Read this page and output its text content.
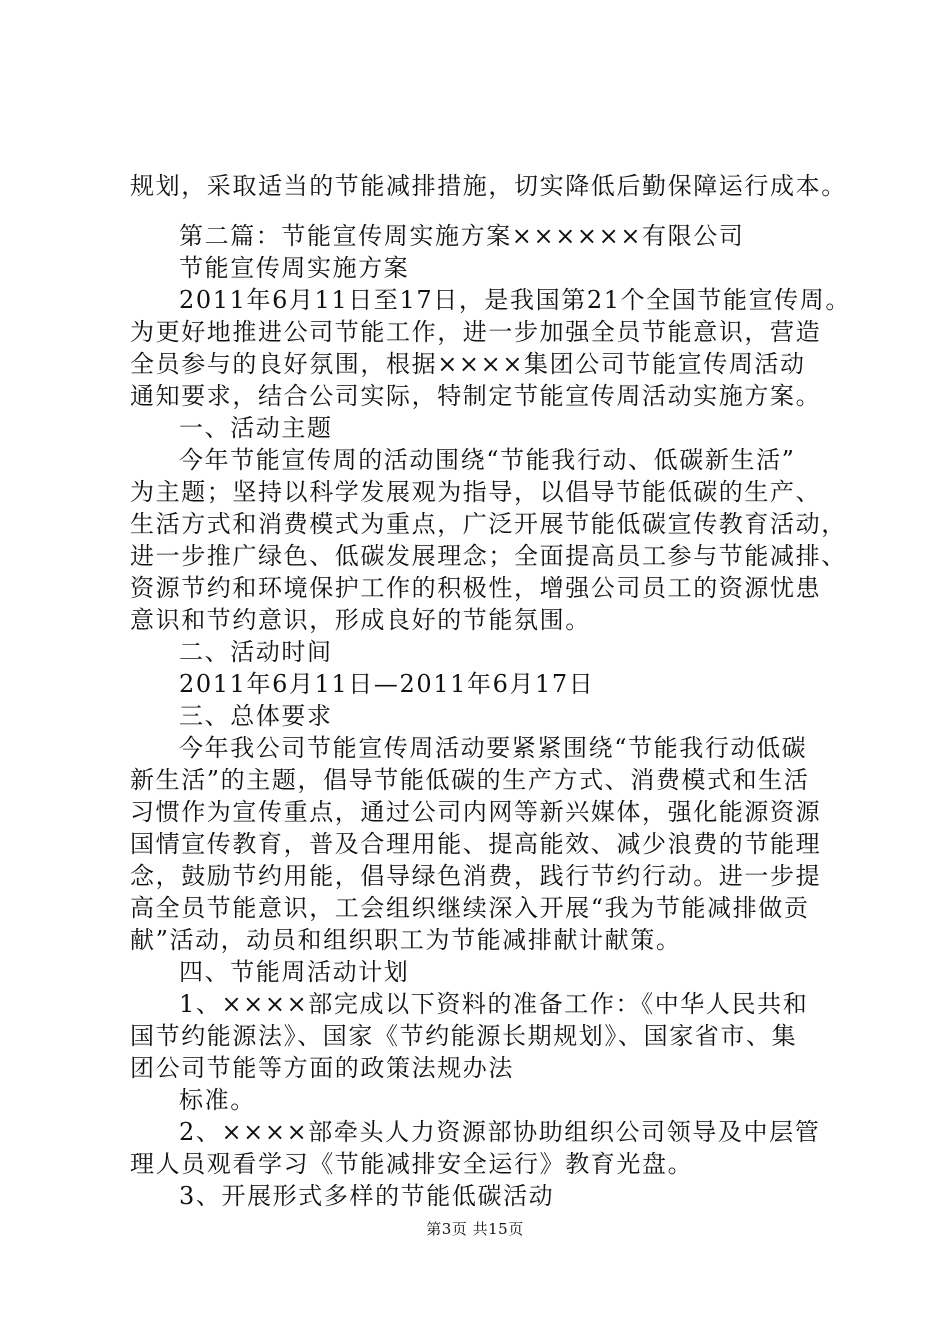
规划，采取适当的节能减排措施，切实降低后勤保障运行成本。
第二篇：节能宣传周实施方案××××××有限公司
节能宣传周实施方案
2011年6月11日至17日，是我国第21个全国节能宣传周。
为更好地推进公司节能工作，进一步加强全员节能意识，营造
全员参与的良好氛围，根据××××集团公司节能宣传周活动
通知要求，结合公司实际，特制定节能宣传周活动实施方案。
一、活动主题
今年节能宣传周的活动围绕“节能我行动、低碳新生活”
为主题；坚持以科学发展观为指导，以倡导节能低碳的生产、
生活方式和消费模式为重点，广泛开展节能低碳宣传教育活动，
进一步推广绿色、低碳发展理念；全面提高员工参与节能减排、
资源节约和环境保护工作的积极性，增强公司员工的资源忧患
意识和节约意识，形成良好的节能氛围。
二、活动时间
2011年6月11日—2011年6月17日
三、总体要求
今年我公司节能宣传周活动要紧紧围绕“节能我行动低碳
新生活”的主题，倡导节能低碳的生产方式、消费模式和生活
习惯作为宣传重点，通过公司内网等新兴媒体，强化能源资源
国情宣传教育，普及合理用能、提高能效、减少浪费的节能理
念，鼓励节约用能，倡导绿色消费，践行节约行动。进一步提
高全员节能意识，工会组织继续深入开展“我为节能减排做贡
献”活动，动员和组织职工为节能减排献计献策。
四、节能周活动计划
1、××××部完成以下资料的准备工作：《中华人民共和
国节约能源法》、国家《节约能源长期规划》、国家省市、集
团公司节能等方面的政策法规办法
标准。
2、××××部牵头人力资源部协助组织公司领导及中层管
理人员观看学习《节能减排安全运行》教育光盘。
3、开展形式多样的节能低碳活动
第3页 共15页
